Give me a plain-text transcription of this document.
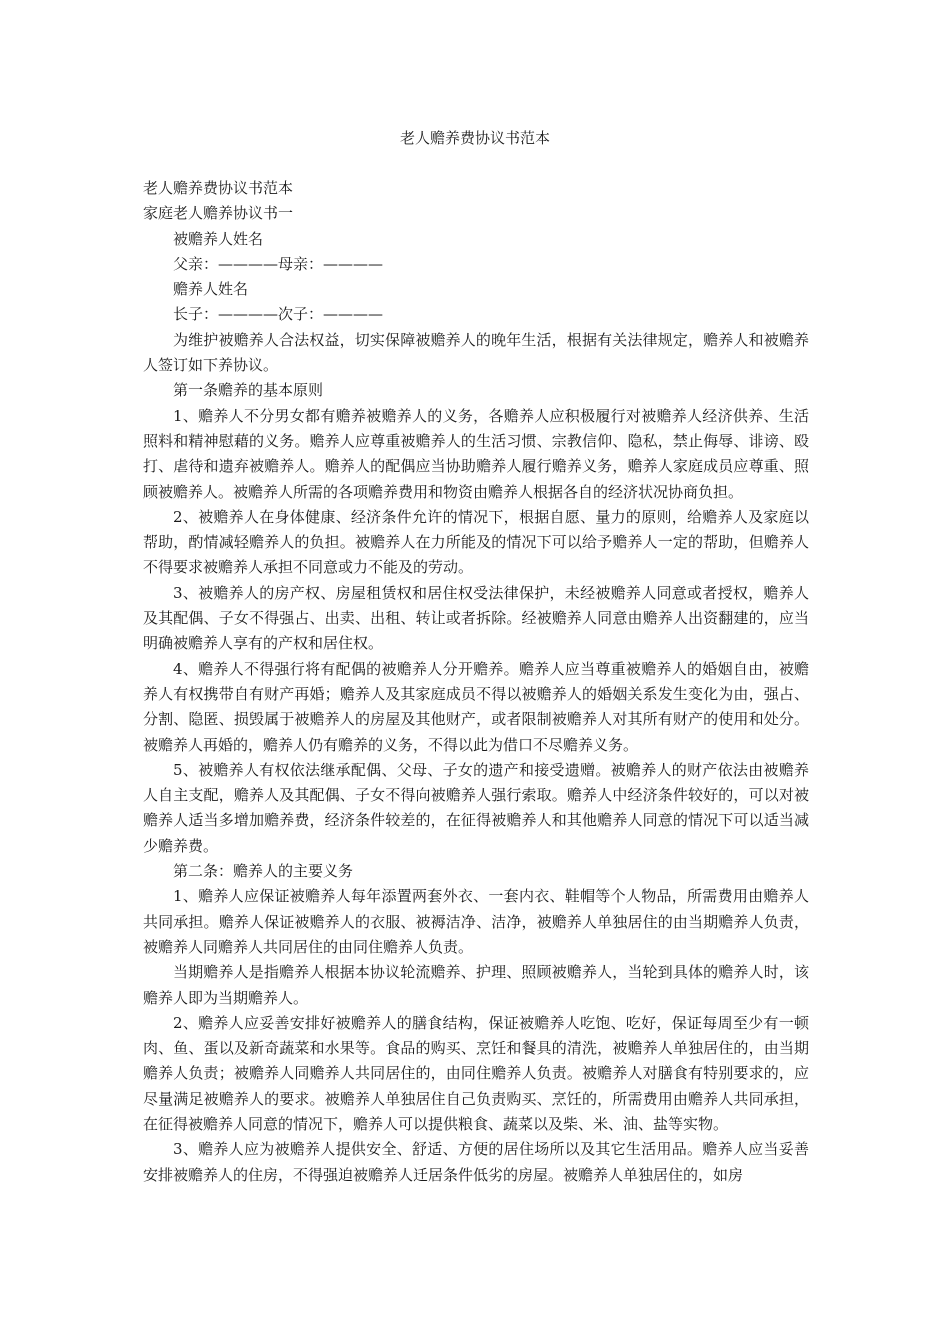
老人赡养费协议书范本

老人赡养费协议书范本

家庭老人赡养协议书一

被赡养人姓名

父亲：————母亲：————

赡养人姓名

长子：————次子：————

为维护被赡养人合法权益，切实保障被赡养人的晚年生活，根据有关法律规定，赡养人和被赡养人签订如下养协议。

第一条赡养的基本原则

1、赡养人不分男女都有赡养被赡养人的义务，各赡养人应积极履行对被赡养人经济供养、生活照料和精神慰藉的义务。赡养人应尊重被赡养人的生活习惯、宗教信仰、隐私，禁止侮辱、诽谤、殴打、虐待和遗弃被赡养人。赡养人的配偶应当协助赡养人履行赡养义务，赡养人家庭成员应尊重、照顾被赡养人。被赡养人所需的各项赡养费用和物资由赡养人根据各自的经济状况协商负担。

2、被赡养人在身体健康、经济条件允许的情况下，根据自愿、量力的原则，给赡养人及家庭以帮助，酌情减轻赡养人的负担。被赡养人在力所能及的情况下可以给予赡养人一定的帮助，但赡养人不得要求被赡养人承担不同意或力不能及的劳动。

3、被赡养人的房产权、房屋租赁权和居住权受法律保护，未经被赡养人同意或者授权，赡养人及其配偶、子女不得强占、出卖、出租、转让或者拆除。经被赡养人同意由赡养人出资翻建的，应当明确被赡养人享有的产权和居住权。

4、赡养人不得强行将有配偶的被赡养人分开赡养。赡养人应当尊重被赡养人的婚姻自由，被赡养人有权携带自有财产再婚；赡养人及其家庭成员不得以被赡养人的婚姻关系发生变化为由，强占、分割、隐匿、损毁属于被赡养人的房屋及其他财产，或者限制被赡养人对其所有财产的使用和处分。被赡养人再婚的，赡养人仍有赡养的义务，不得以此为借口不尽赡养义务。

5、被赡养人有权依法继承配偶、父母、子女的遗产和接受遗赠。被赡养人的财产依法由被赡养人自主支配，赡养人及其配偶、子女不得向被赡养人强行索取。赡养人中经济条件较好的，可以对被赡养人适当多增加赡养费，经济条件较差的，在征得被赡养人和其他赡养人同意的情况下可以适当减少赡养费。

第二条：赡养人的主要义务

1、赡养人应保证被赡养人每年添置两套外衣、一套内衣、鞋帽等个人物品，所需费用由赡养人共同承担。赡养人保证被赡养人的衣服、被褥洁净、洁净，被赡养人单独居住的由当期赡养人负责，被赡养人同赡养人共同居住的由同住赡养人负责。

当期赡养人是指赡养人根据本协议轮流赡养、护理、照顾被赡养人，当轮到具体的赡养人时，该赡养人即为当期赡养人。

2、赡养人应妥善安排好被赡养人的膳食结构，保证被赡养人吃饱、吃好，保证每周至少有一顿肉、鱼、蛋以及新奇蔬菜和水果等。食品的购买、烹饪和餐具的清洗，被赡养人单独居住的，由当期赡养人负责；被赡养人同赡养人共同居住的，由同住赡养人负责。被赡养人对膳食有特别要求的，应尽量满足被赡养人的要求。被赡养人单独居住自己负责购买、烹饪的，所需费用由赡养人共同承担，在征得被赡养人同意的情况下，赡养人可以提供粮食、蔬菜以及柴、米、油、盐等实物。

3、赡养人应为被赡养人提供安全、舒适、方便的居住场所以及其它生活用品。赡养人应当妥善安排被赡养人的住房，不得强迫被赡养人迁居条件低劣的房屋。被赡养人单独居住的，如房
